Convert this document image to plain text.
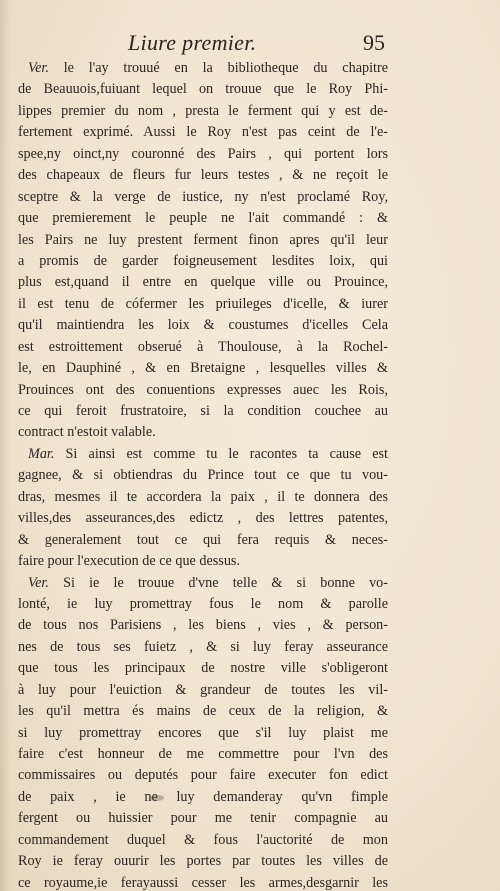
Liure premier.	95
Ver. le l'ay trouué en la bibliotheque du chapitre
de Beauuois,fuiuant lequel on trouue que le Roy Phi-
lippes premier du nom , presta le ferment qui y est de-
fertement exprimé. Aussi le Roy n'est pas ceint de l'e-
spee,ny oinct,ny couronné des Pairs , qui portent lors
des chapeaux de fleurs fur leurs testes , & ne reçoit le
sceptre & la verge de iustice, ny n'est proclamé Roy,
que premierement le peuple ne l'ait commandé : &
les Pairs ne luy prestent ferment finon apres qu'il leur
a promis de garder foigneusement lesdites loix, qui
plus est,quand il entre en quelque ville ou Prouince,
il est tenu de cófermer les priuileges d'icelle, & iurer
qu'il maintiendra les loix & coustumes d'icelles Cela
est estroittement obserué à Thoulouse, à la Rochel-
le, en Dauphiné , & en Bretaigne , lesquelles villes &
Prouinces ont des conuentions expresses auec les Rois,
ce qui feroit frustratoire, si la condition couchee au
contract n'estoit valable.
Mar. Si ainsi est comme tu le racontes ta cause est
gagnee, & si obtiendras du Prince tout ce que tu vou-
dras, mesmes il te accordera la paix , il te donnera des
villes,des asseurances,des edictz , des lettres patentes,
& generalement tout ce qui fera requis & neces-
faire pour l'execution de ce que dessus.
Ver. Si ie le trouue d'vne telle & si bonne vo-
lonté, ie luy promettray fous le nom & parolle
de tous nos Parisiens , les biens , vies , & person-
nes de tous ses fuietz , & si luy feray asseurance
que tous les principaux de nostre ville s'obligeront
à luy pour l'euiction & grandeur de toutes les vil-
les qu'il mettra és mains de ceux de la religion, &
si luy promettray encores que s'il luy plaist me
faire c'est honneur de me commettre pour l'vn des
commissaires ou deputés pour faire executer fon edict
de paix , ie ne luy demanderay qu'vn fimple
fergent ou huissier pour me tenir compagnie au
commandement duquel & fous l'auctorité de mon
Roy ie feray ouurir les portes par toutes les villes de
ce royaume,ie ferayaussi cesser les armes,desgarnir les
